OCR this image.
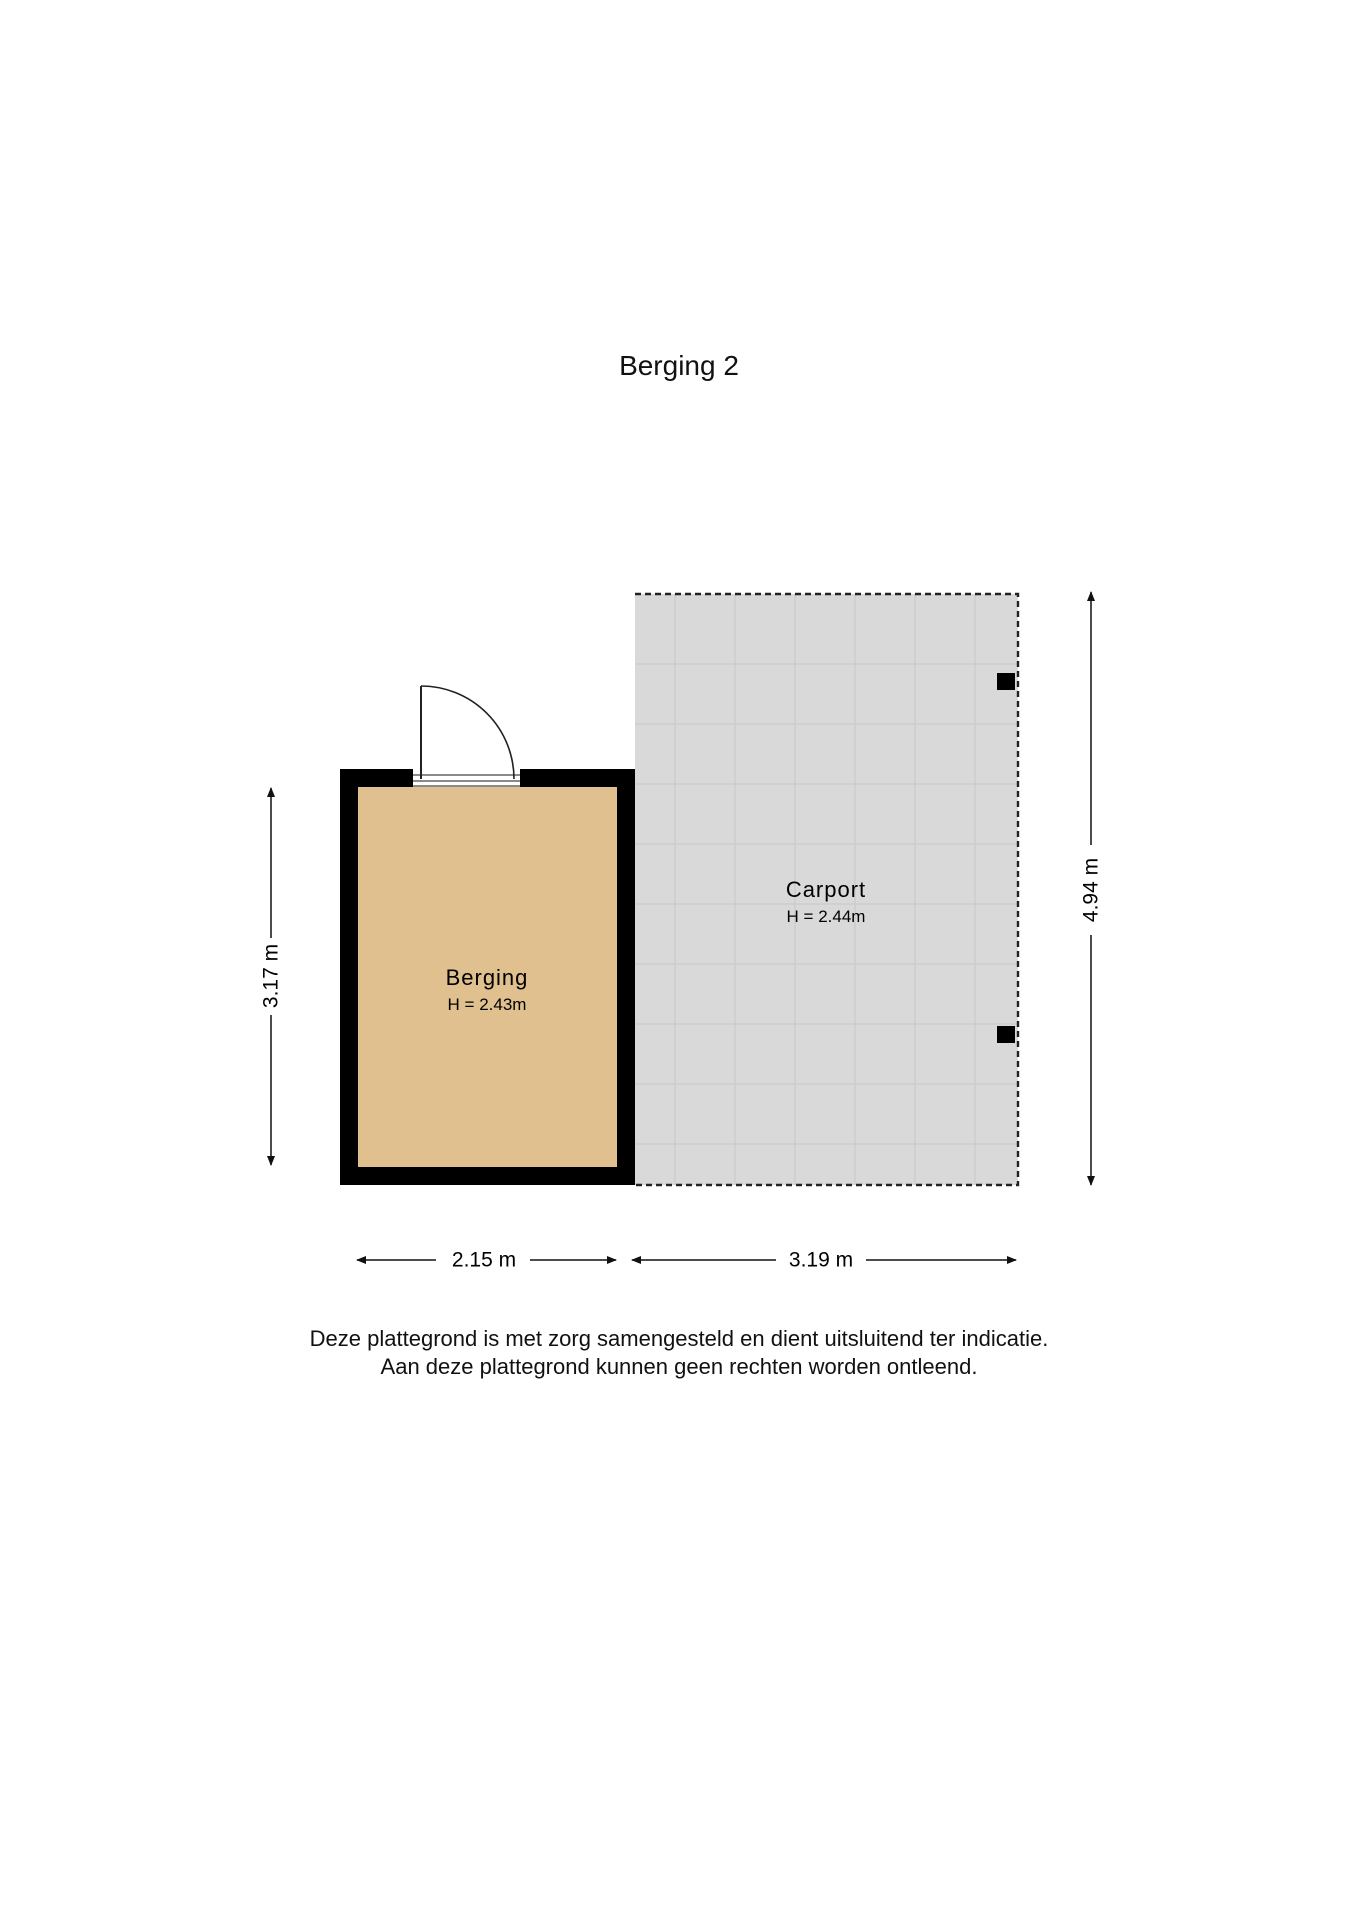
Berging 2
Berging
H = 2.43m
Carport
H = 2.44m
3.17 m
4.94 m
2.15 m	3.19 m
Deze plattegrond is met zorg samengesteld en dient uitsluitend ter indicatie.
Aan deze plattegrond kunnen geen rechten worden ontleend.
